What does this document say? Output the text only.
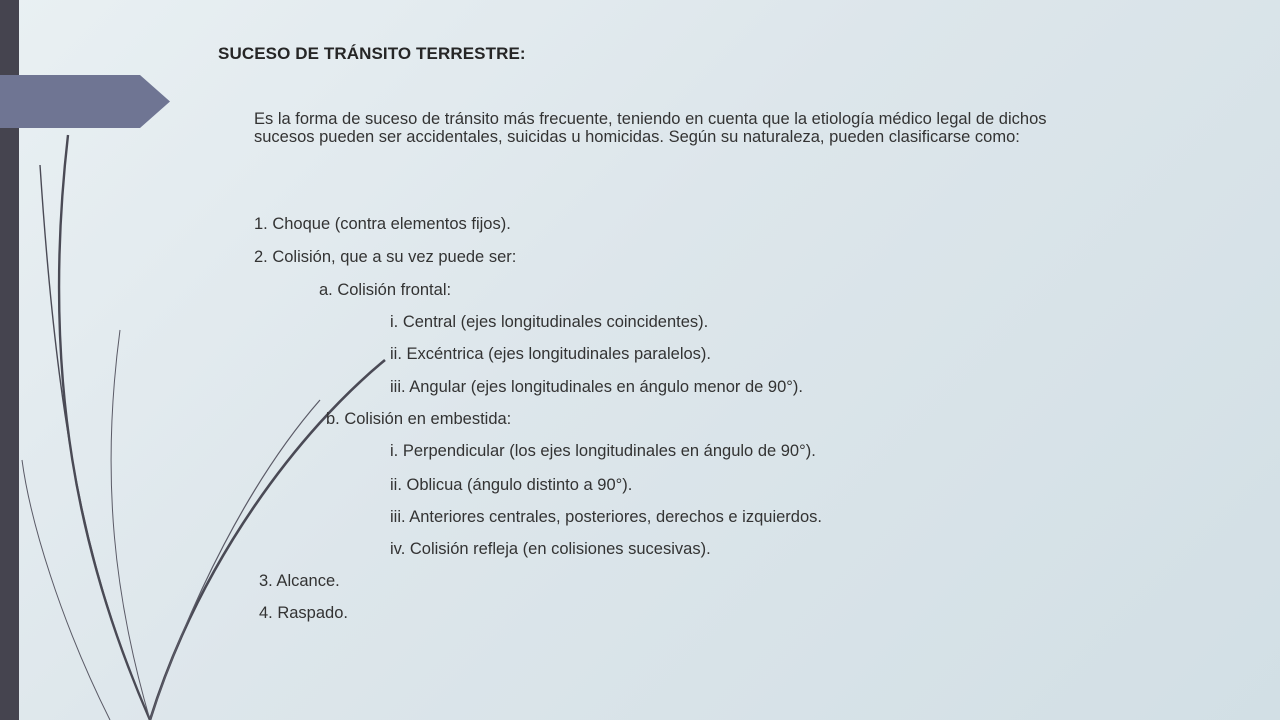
SUCESO DE TRÁNSITO TERRESTRE:
Es la forma de suceso de tránsito más frecuente, teniendo en cuenta que la etiología médico legal de dichos sucesos pueden ser accidentales, suicidas u homicidas. Según su naturaleza, pueden clasificarse como:
1. Choque (contra elementos fijos).
2. Colisión, que a su vez puede ser:
a. Colisión frontal:
i. Central (ejes longitudinales coincidentes).
ii. Excéntrica (ejes longitudinales paralelos).
iii. Angular (ejes longitudinales en ángulo menor de 90°).
b. Colisión en embestida:
i. Perpendicular (los ejes longitudinales en ángulo de 90°).
ii. Oblicua (ángulo distinto a 90°).
iii. Anteriores centrales, posteriores, derechos e izquierdos.
iv. Colisión refleja (en colisiones sucesivas).
3. Alcance.
4. Raspado.
